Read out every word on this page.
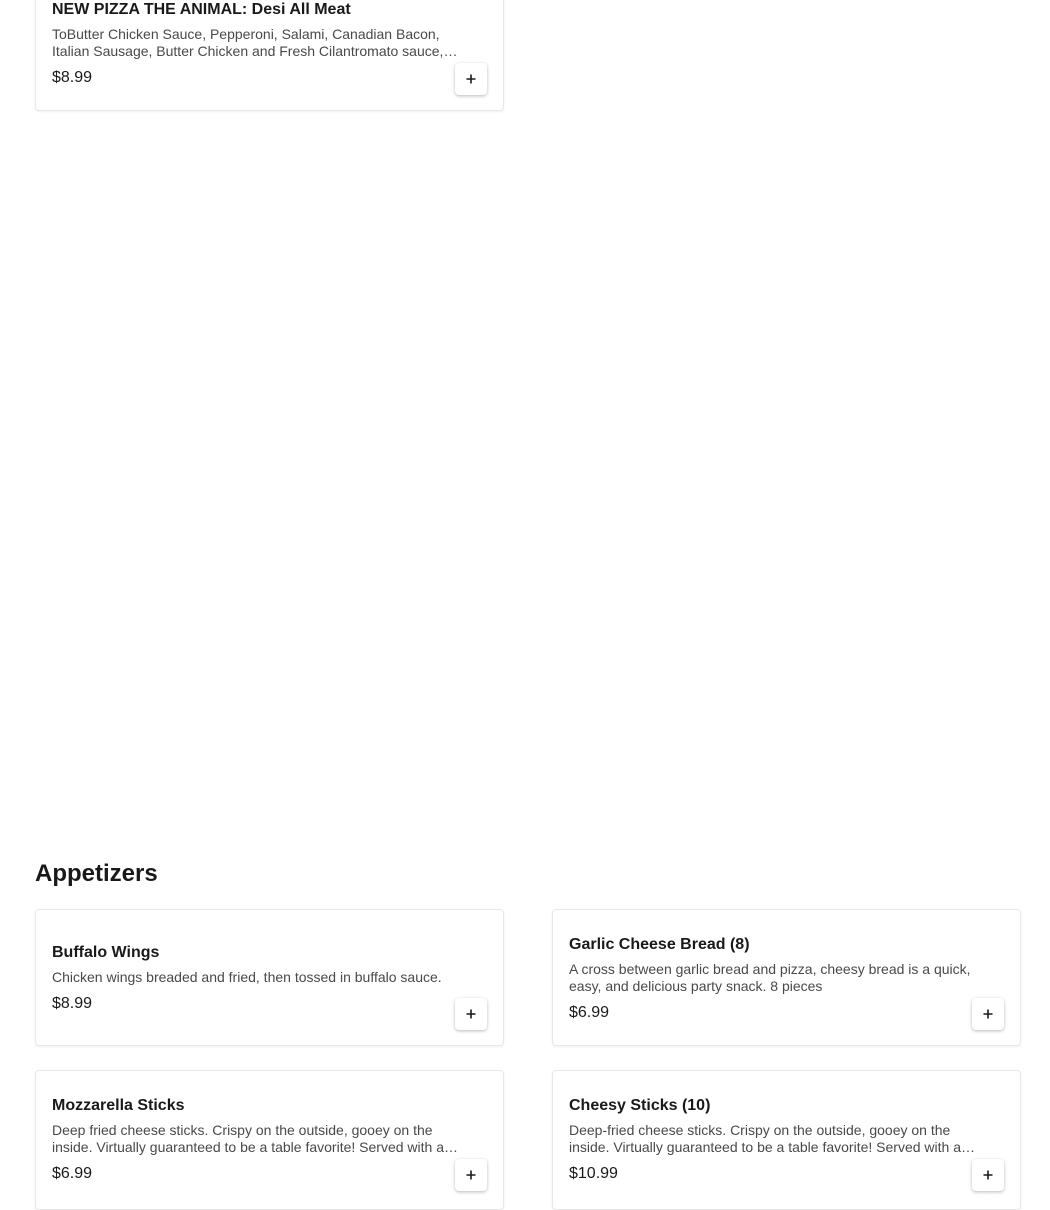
NEW PIZZA THE ANIMAL: Desi All Meat
ToButter Chicken Sauce, Pepperoni, Salami, Canadian Bacon, Italian Sausage, Butter Chicken and Fresh Cilantromato sauce,
$8.99
Appetizers
Buffalo Wings
Chicken wings breaded and fried, then tossed in buffalo sauce.
$8.99
Garlic Cheese Bread (8)
A cross between garlic bread and pizza, cheesy bread is a quick, easy, and delicious party snack. 8 pieces
$6.99
Mozzarella Sticks
Deep fried cheese sticks. Crispy on the outside, gooey on the inside. Virtually guaranteed to be a table favorite! Served with a
$6.99
Cheesy Sticks (10)
Deep-fried cheese sticks. Crispy on the outside, gooey on the inside. Virtually guaranteed to be a table favorite! Served with a
$10.99
